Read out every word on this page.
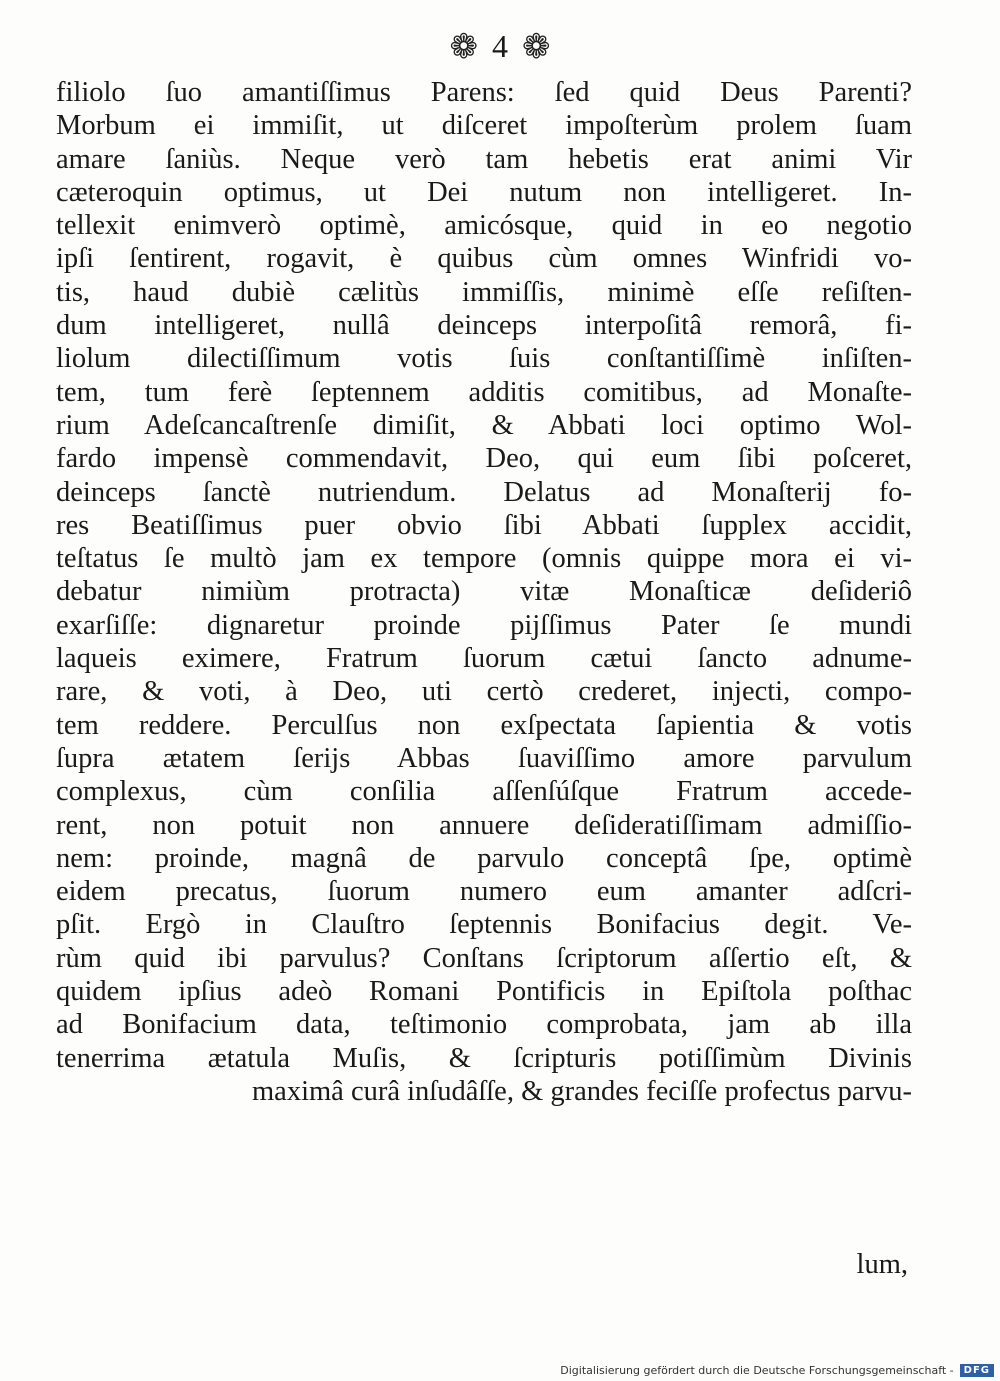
❁ 4 ❁
filiolo ſuo amantiſſimus Parens: ſed quid Deus Parenti?
Morbum ei immiſit, ut diſceret impoſterùm prolem ſuam
amare ſaniùs. Neque verò tam hebetis erat animi Vir
cæteroquin optimus, ut Dei nutum non intelligeret. In-
tellexit enimverò optimè, amicósque, quid in eo negotio
ipſi ſentirent, rogavit, è quibus cùm omnes Winfridi vo-
tis, haud dubiè cælitùs immiſſis, minimè eſſe reſiſten-
dum intelligeret, nullâ deinceps interpoſitâ remorâ, fi-
liolum dilectiſſimum votis ſuis conſtantiſſimè inſiſten-
tem, tum ferè ſeptennem additis comitibus, ad Monaſte-
rium Adeſcancaſtrenſe dimiſit, & Abbati loci optimo Wol-
fardo impensè commendavit, Deo, qui eum ſibi poſceret,
deinceps ſanctè nutriendum. Delatus ad Monaſterij fo-
res Beatiſſimus puer obvio ſibi Abbati ſupplex accidit,
teſtatus ſe multò jam ex tempore (omnis quippe mora ei vi-
debatur nimiùm protracta) vitæ Monaſticæ deſideriô
exarſiſſe: dignaretur proinde pijſſimus Pater ſe mundi
laqueis eximere, Fratrum ſuorum cætui ſancto adnume-
rare, & voti, à Deo, uti certò crederet, injecti, compo-
tem reddere. Perculſus non exſpectata ſapientia & votis
ſupra ætatem ſerijs Abbas ſuaviſſimo amore parvulum
complexus, cùm conſilia aſſenſúſque Fratrum accede-
rent, non potuit non annuere deſideratiſſimam admiſſio-
nem: proinde, magnâ de parvulo conceptâ ſpe, optimè
eidem precatus, ſuorum numero eum amanter adſcri-
pſit. Ergò in Clauſtro ſeptennis Bonifacius degit. Ve-
rùm quid ibi parvulus? Conſtans ſcriptorum aſſertio eſt, &
quidem ipſius adeò Romani Pontificis in Epiſtola poſthac
ad Bonifacium data, teſtimonio comprobata, jam ab illa
tenerrima ætatula Muſis, & ſcripturis potiſſimùm Divinis
maximâ curâ inſudâſſe, & grandes feciſſe profectus parvu-
lum,
Digitalisierung gefördert durch die Deutsche Forschungsgemeinschaft -	DFG
